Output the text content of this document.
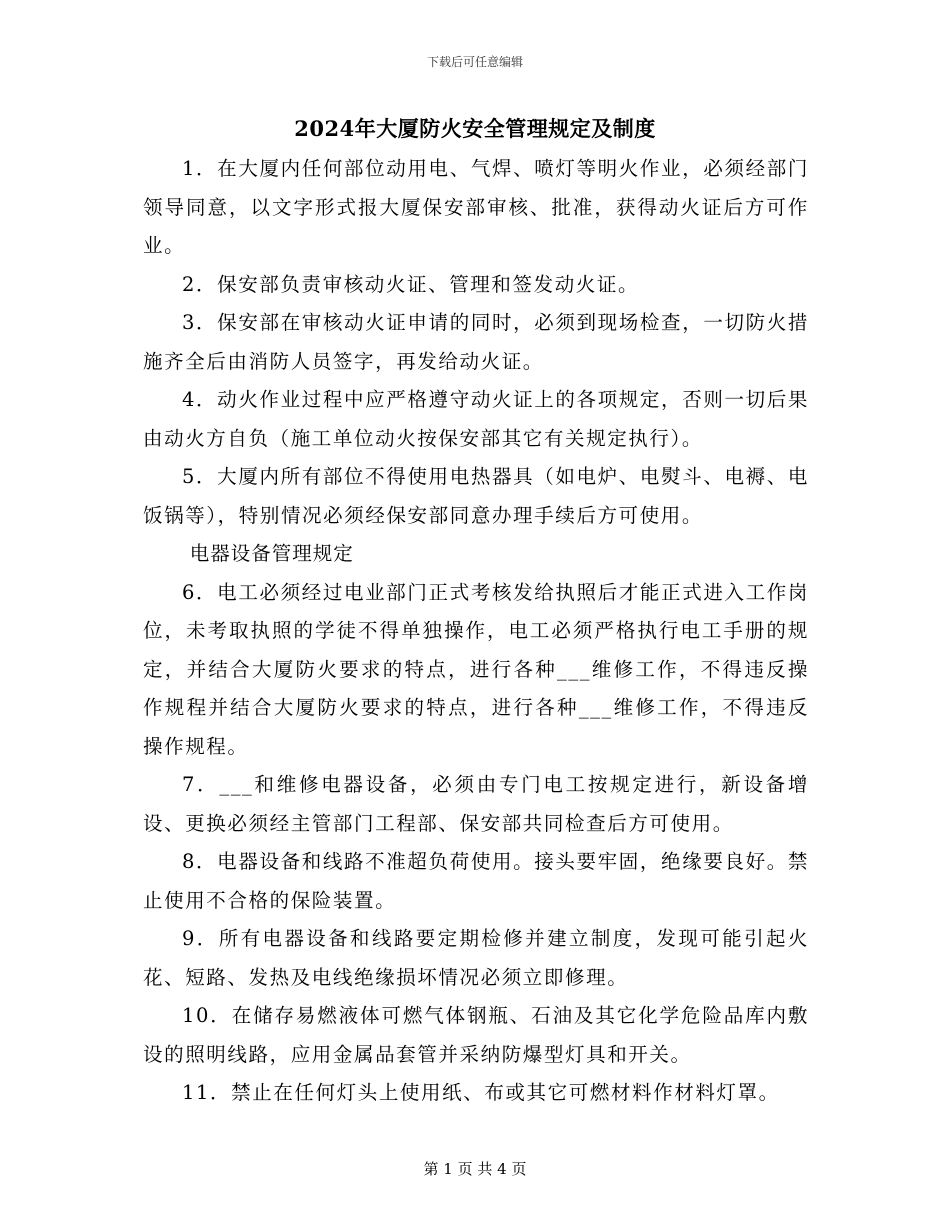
下载后可任意编辑
2024年大厦防火安全管理规定及制度

1．在大厦内任何部位动用电、气焊、喷灯等明火作业，必须经部门领导同意，以文字形式报大厦保安部审核、批准，获得动火证后方可作业。

2．保安部负责审核动火证、管理和签发动火证。

3．保安部在审核动火证申请的同时，必须到现场检查，一切防火措施齐全后由消防人员签字，再发给动火证。

4．动火作业过程中应严格遵守动火证上的各项规定，否则一切后果由动火方自负（施工单位动火按保安部其它有关规定执行）。

5．大厦内所有部位不得使用电热器具（如电炉、电熨斗、电褥、电饭锅等），特别情况必须经保安部同意办理手续后方可使用。

电器设备管理规定

6．电工必须经过电业部门正式考核发给执照后才能正式进入工作岗位，未考取执照的学徒不得单独操作，电工必须严格执行电工手册的规定，并结合大厦防火要求的特点，进行各种___维修工作，不得违反操作规程并结合大厦防火要求的特点，进行各种___维修工作，不得违反操作规程。

7．___和维修电器设备，必须由专门电工按规定进行，新设备增设、更换必须经主管部门工程部、保安部共同检查后方可使用。

8．电器设备和线路不准超负荷使用。接头要牢固，绝缘要良好。禁止使用不合格的保险装置。

9．所有电器设备和线路要定期检修并建立制度，发现可能引起火花、短路、发热及电线绝缘损坏情况必须立即修理。

10．在储存易燃液体可燃气体钢瓶、石油及其它化学危险品库内敷设的照明线路，应用金属品套管并采纳防爆型灯具和开关。

11．禁止在任何灯头上使用纸、布或其它可燃材料作材料灯罩。

第 1 页 共 4 页
